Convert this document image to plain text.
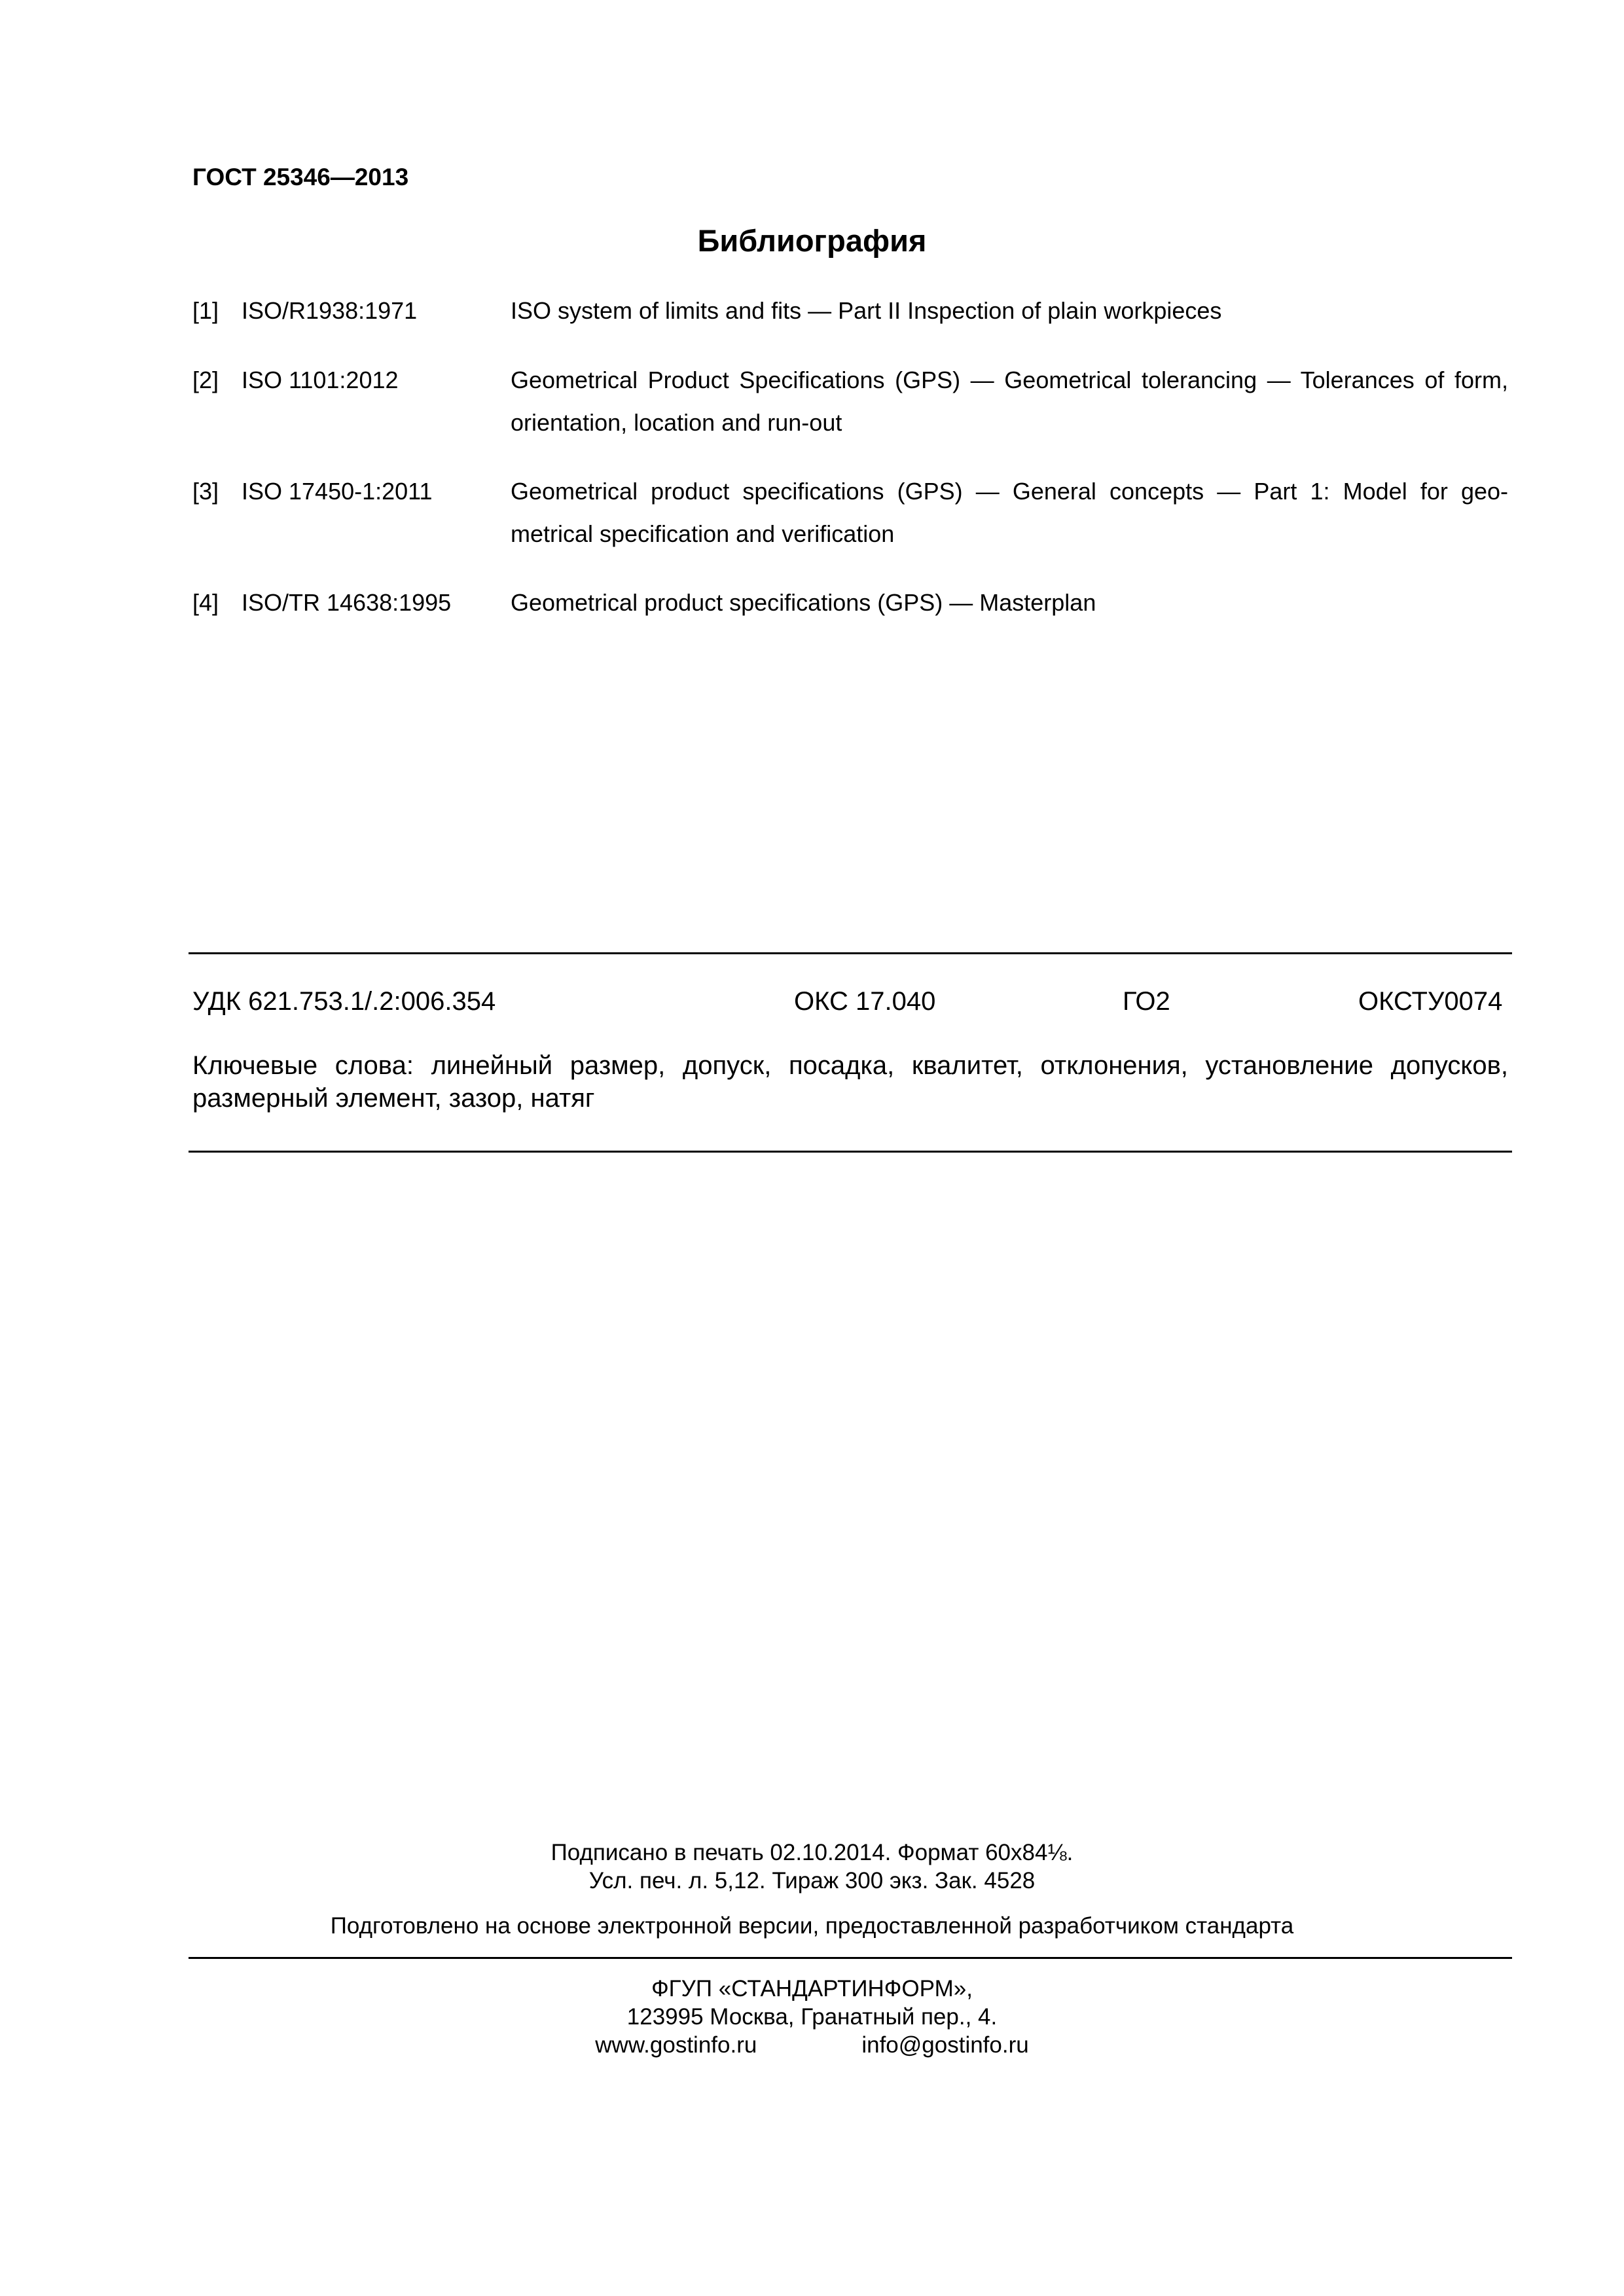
ГОСТ 25346—2013
Библиография
[1] ISO/R1938:1971	ISO system of limits and fits — Part II Inspection of plain workpieces
[2] ISO 1101:2012	Geometrical Product Specifications (GPS) — Geometrical tolerancing — Tolerances of form, orientation, location and run-out
[3] ISO 17450-1:2011	Geometrical product specifications (GPS) — General concepts — Part 1: Model for geo-metrical specification and verification
[4] ISO/TR 14638:1995	Geometrical product specifications (GPS) — Masterplan
УДК 621.753.1/.2:006.354	ОКС 17.040	ГО2	ОКСТУ0074
Ключевые слова: линейный размер, допуск, посадка, квалитет, отклонения, установление допусков, размерный элемент, зазор, натяг
Подписано в печать 02.10.2014. Формат 60x84⅛.
Усл. печ. л. 5,12. Тираж 300 экз. Зак. 4528
Подготовлено на основе электронной версии, предоставленной разработчиком стандарта
ФГУП «СТАНДАРТИНФОРМ»,
123995 Москва, Гранатный пер., 4.
www.gostinfo.ru	info@gostinfo.ru
